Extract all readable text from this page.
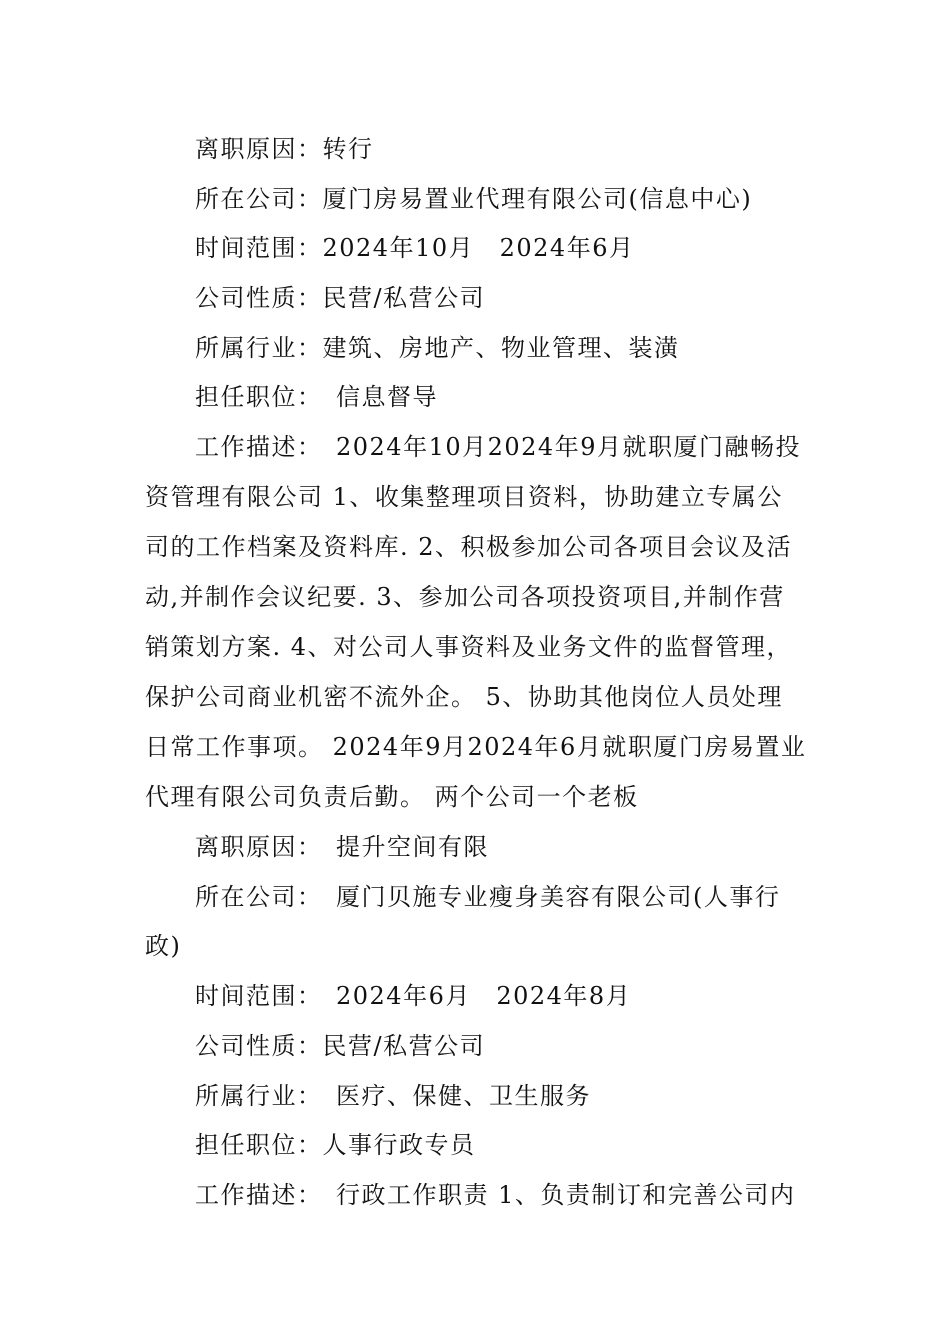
离职原因：转行
所在公司：厦门房易置业代理有限公司(信息中心)
时间范围：2024年10月　2024年6月
公司性质：民营/私营公司
所属行业：建筑、房地产、物业管理、装潢
担任职位：　信息督导
工作描述：　2024年10月2024年9月就职厦门融畅投
资管理有限公司 1、收集整理项目资料，协助建立专属公
司的工作档案及资料库. 2、积极参加公司各项目会议及活
动,并制作会议纪要. 3、参加公司各项投资项目,并制作营
销策划方案. 4、对公司人事资料及业务文件的监督管理，
保护公司商业机密不流外企。 5、协助其他岗位人员处理
日常工作事项。 2024年9月2024年6月就职厦门房易置业
代理有限公司负责后勤。 两个公司一个老板
离职原因：　提升空间有限
所在公司：　厦门贝施专业瘦身美容有限公司(人事行
政)
时间范围：　2024年6月　2024年8月
公司性质：民营/私营公司
所属行业：　医疗、保健、卫生服务
担任职位：人事行政专员
工作描述：　行政工作职责 1、负责制订和完善公司内
